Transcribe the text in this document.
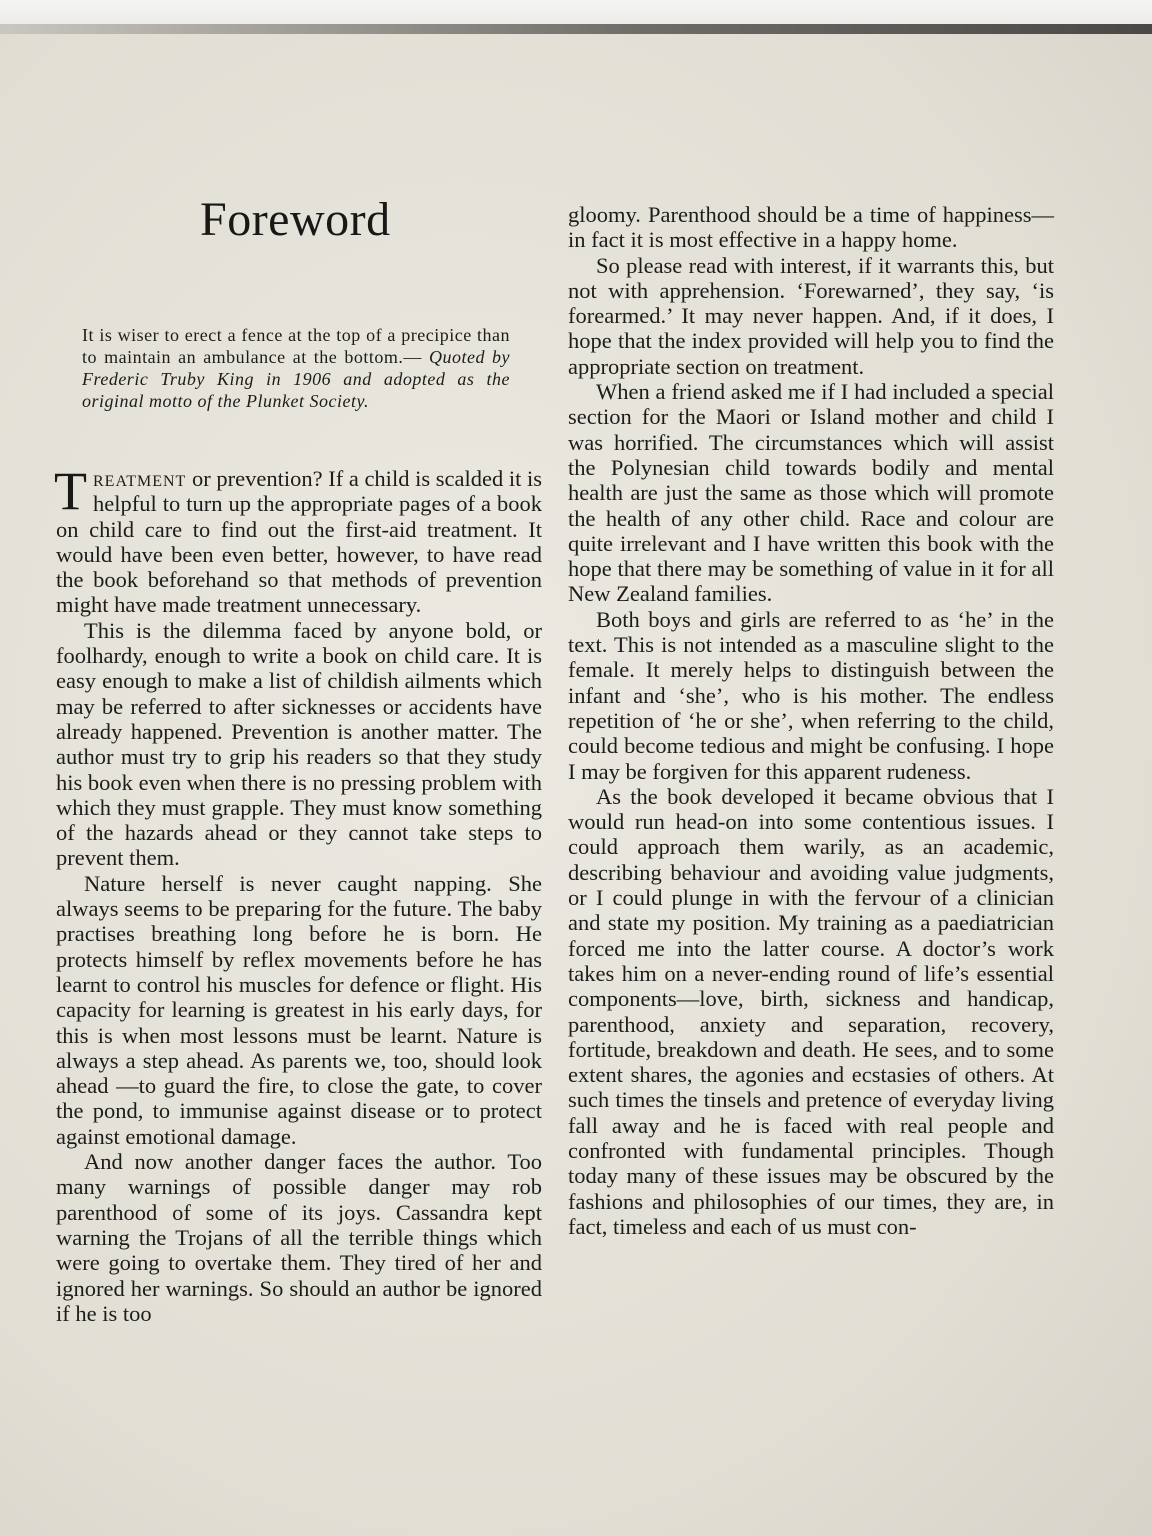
Foreword
It is wiser to erect a fence at the top of a precipice than to maintain an ambulance at the bottom.— Quoted by Frederic Truby King in 1906 and adopted as the original motto of the Plunket Society.

Treatment or prevention? If a child is scalded it is helpful to turn up the appropriate pages of a book on child care to find out the first-aid treatment. It would have been even better, however, to have read the book beforehand so that methods of prevention might have made treatment unnecessary.

This is the dilemma faced by anyone bold, or foolhardy, enough to write a book on child care. It is easy enough to make a list of childish ailments which may be referred to after sicknesses or accidents have already happened. Prevention is another matter. The author must try to grip his readers so that they study his book even when there is no pressing problem with which they must grapple. They must know something of the hazards ahead or they cannot take steps to prevent them.

Nature herself is never caught napping. She always seems to be preparing for the future. The baby practises breathing long before he is born. He protects himself by reflex movements before he has learnt to control his muscles for defence or flight. His capacity for learning is greatest in his early days, for this is when most lessons must be learnt. Nature is always a step ahead. As parents we, too, should look ahead —to guard the fire, to close the gate, to cover the pond, to immunise against disease or to protect against emotional damage.

And now another danger faces the author. Too many warnings of possible danger may rob parenthood of some of its joys. Cassandra kept warning the Trojans of all the terrible things which were going to overtake them. They tired of her and ignored her warnings. So should an author be ignored if he is too

gloomy. Parenthood should be a time of happiness—in fact it is most effective in a happy home.

So please read with interest, if it warrants this, but not with apprehension. ‘Forewarned’, they say, ‘is forearmed.’ It may never happen. And, if it does, I hope that the index provided will help you to find the appropriate section on treatment.

When a friend asked me if I had included a special section for the Maori or Island mother and child I was horrified. The circumstances which will assist the Polynesian child towards bodily and mental health are just the same as those which will promote the health of any other child. Race and colour are quite irrelevant and I have written this book with the hope that there may be something of value in it for all New Zealand families.

Both boys and girls are referred to as ‘he’ in the text. This is not intended as a masculine slight to the female. It merely helps to distinguish between the infant and ‘she’, who is his mother. The endless repetition of ‘he or she’, when referring to the child, could become tedious and might be confusing. I hope I may be forgiven for this apparent rudeness.

As the book developed it became obvious that I would run head-on into some contentious issues. I could approach them warily, as an academic, describing behaviour and avoiding value judgments, or I could plunge in with the fervour of a clinician and state my position. My training as a paediatrician forced me into the latter course. A doctor’s work takes him on a never-ending round of life’s essential components—love, birth, sickness and handicap, parenthood, anxiety and separation, recovery, fortitude, breakdown and death. He sees, and to some extent shares, the agonies and ecstasies of others. At such times the tinsels and pretence of everyday living fall away and he is faced with real people and confronted with fundamental principles. Though today many of these issues may be obscured by the fashions and philosophies of our times, they are, in fact, timeless and each of us must con-
